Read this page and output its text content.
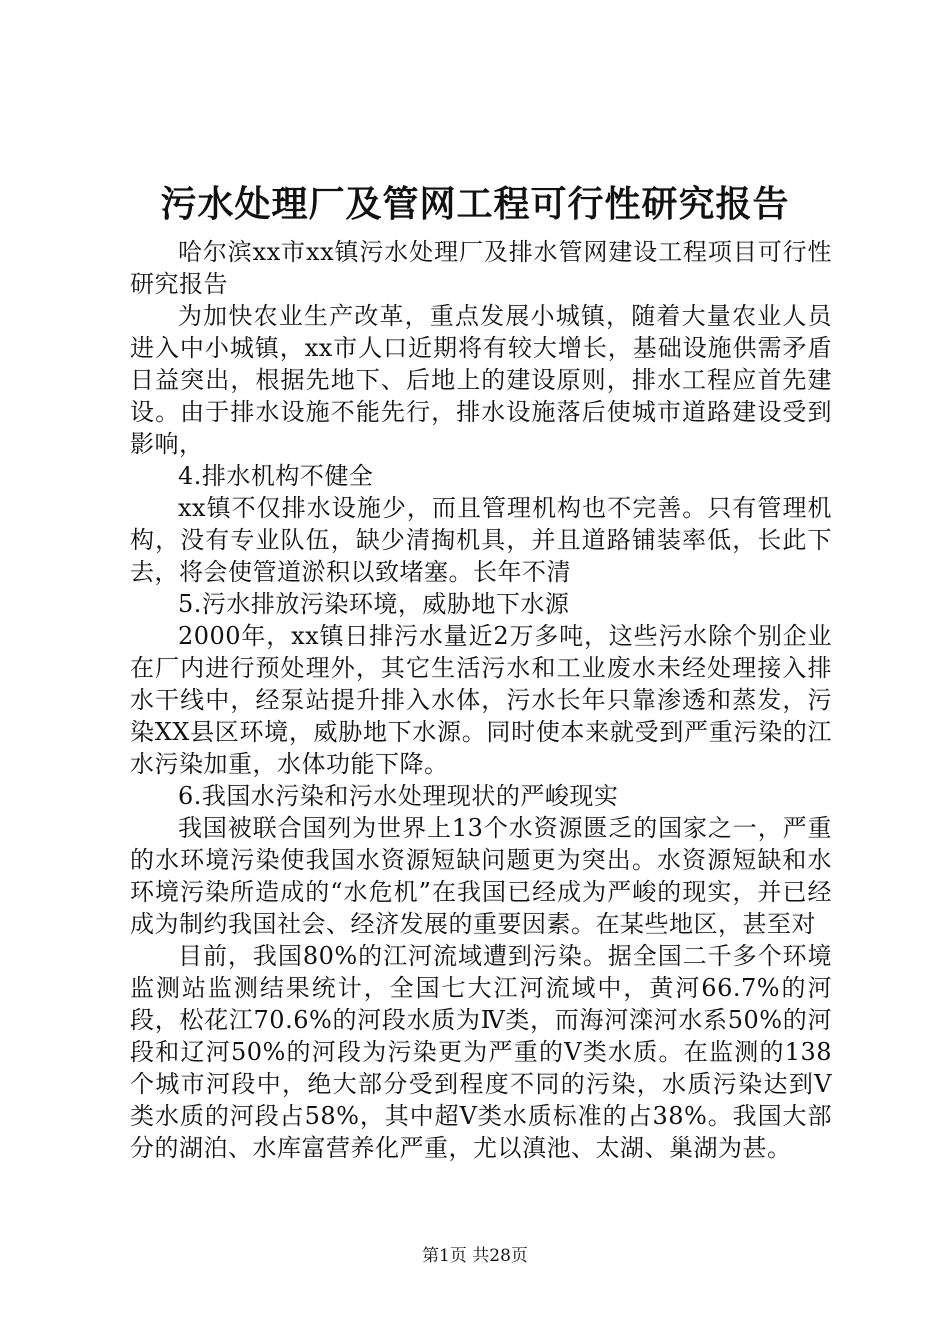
污水处理厂及管网工程可行性研究报告

哈尔滨xx市xx镇污水处理厂及排水管网建设工程项目可行性研究报告

为加快农业生产改革，重点发展小城镇，随着大量农业人员进入中小城镇，xx市人口近期将有较大增长，基础设施供需矛盾日益突出，根据先地下、后地上的建设原则，排水工程应首先建设。由于排水设施不能先行，排水设施落后使城市道路建设受到影响，

4.排水机构不健全

xx镇不仅排水设施少，而且管理机构也不完善。只有管理机构，没有专业队伍，缺少清掏机具，并且道路铺装率低，长此下去，将会使管道淤积以致堵塞。长年不清

5.污水排放污染环境，威胁地下水源

2000年，xx镇日排污水量近2万多吨，这些污水除个别企业在厂内进行预处理外，其它生活污水和工业废水未经处理接入排水干线中，经泵站提升排入水体，污水长年只靠渗透和蒸发，污染XX县区环境，威胁地下水源。同时使本来就受到严重污染的江水污染加重，水体功能下降。

6.我国水污染和污水处理现状的严峻现实

我国被联合国列为世界上13个水资源匮乏的国家之一，严重的水环境污染使我国水资源短缺问题更为突出。水资源短缺和水环境污染所造成的“水危机”在我国已经成为严峻的现实，并已经成为制约我国社会、经济发展的重要因素。在某些地区，甚至对

目前，我国80%的江河流域遭到污染。据全国二千多个环境监测站监测结果统计，全国七大江河流域中，黄河66.7%的河段，松花江70.6%的河段水质为Ⅳ类，而海河滦河水系50%的河段和辽河50%的河段为污染更为严重的Ⅴ类水质。在监测的138个城市河段中，绝大部分受到程度不同的污染，水质污染达到Ⅴ类水质的河段占58%，其中超Ⅴ类水质标准的占38%。我国大部分的湖泊、水库富营养化严重，尤以滇池、太湖、巢湖为甚。

第1页 共28页
